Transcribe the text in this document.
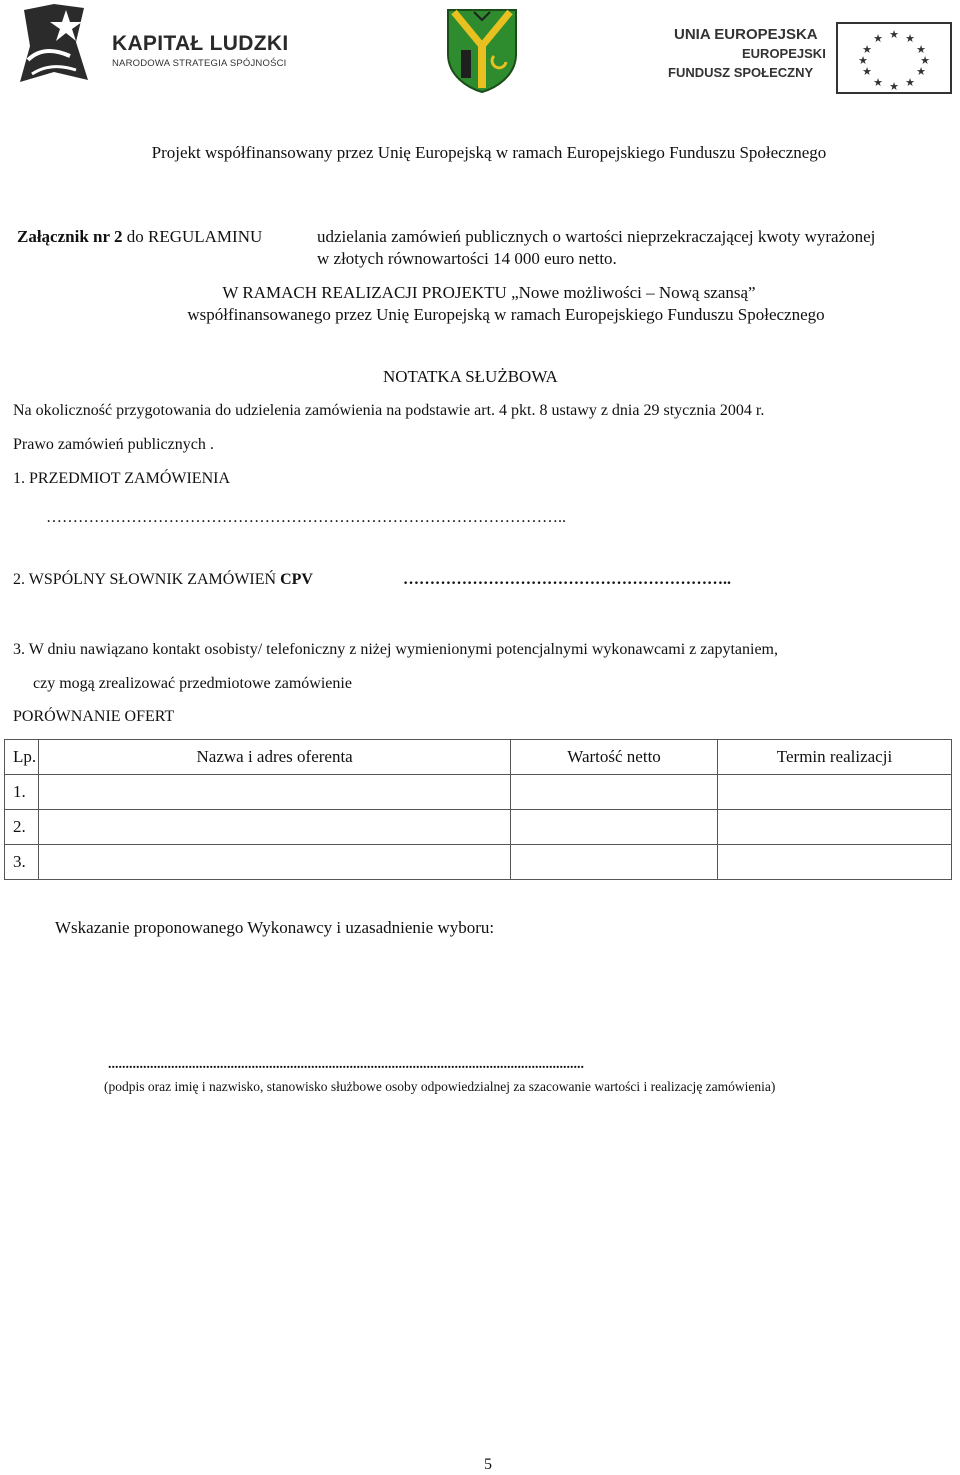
KAPITAŁ LUDZKI
NARODOWA STRATEGIA SPÓJNOŚCI
UNIA EUROPEJSKA
EUROPEJSKI
FUNDUSZ SPOŁECZNY
★ ★
★
★
★
★
★
★
★
★
★
★
Projekt współfinansowany przez Unię Europejską w ramach Europejskiego Funduszu Społecznego
Załącznik nr 2 do REGULAMINU	udzielania zamówień publicznych o wartości nieprzekraczającej kwoty wyrażonej
w złotych równowartości 14 000 euro netto.
W RAMACH REALIZACJI PROJEKTU „Nowe możliwości – Nową szansą”
współfinansowanego przez Unię Europejską w ramach Europejskiego Funduszu Społecznego
NOTATKA SŁUŻBOWA
Na okoliczność przygotowania do udzielenia zamówienia na podstawie art. 4 pkt. 8 ustawy z dnia 29 stycznia 2004 r.
Prawo zamówień publicznych .
1. PRZEDMIOT ZAMÓWIENIA
……………………………………………………………………………………..
2. WSPÓLNY SŁOWNIK ZAMÓWIEŃ CPV	……………………………………………………..
3. W dniu nawiązano kontakt osobisty/ telefoniczny z niżej wymienionymi potencjalnymi wykonawcami z zapytaniem,
czy mogą zrealizować przedmiotowe zamówienie
PORÓWNANIE OFERT
Lp.	Nazwa i adres oferenta	Wartość netto	Termin realizacji
1.			
2.			
3.			
Wskazanie proponowanego Wykonawcy i uzasadnienie wyboru:
........................................................................................................................................
(podpis oraz imię i nazwisko, stanowisko służbowe osoby odpowiedzialnej za szacowanie wartości i realizację zamówienia)
5
